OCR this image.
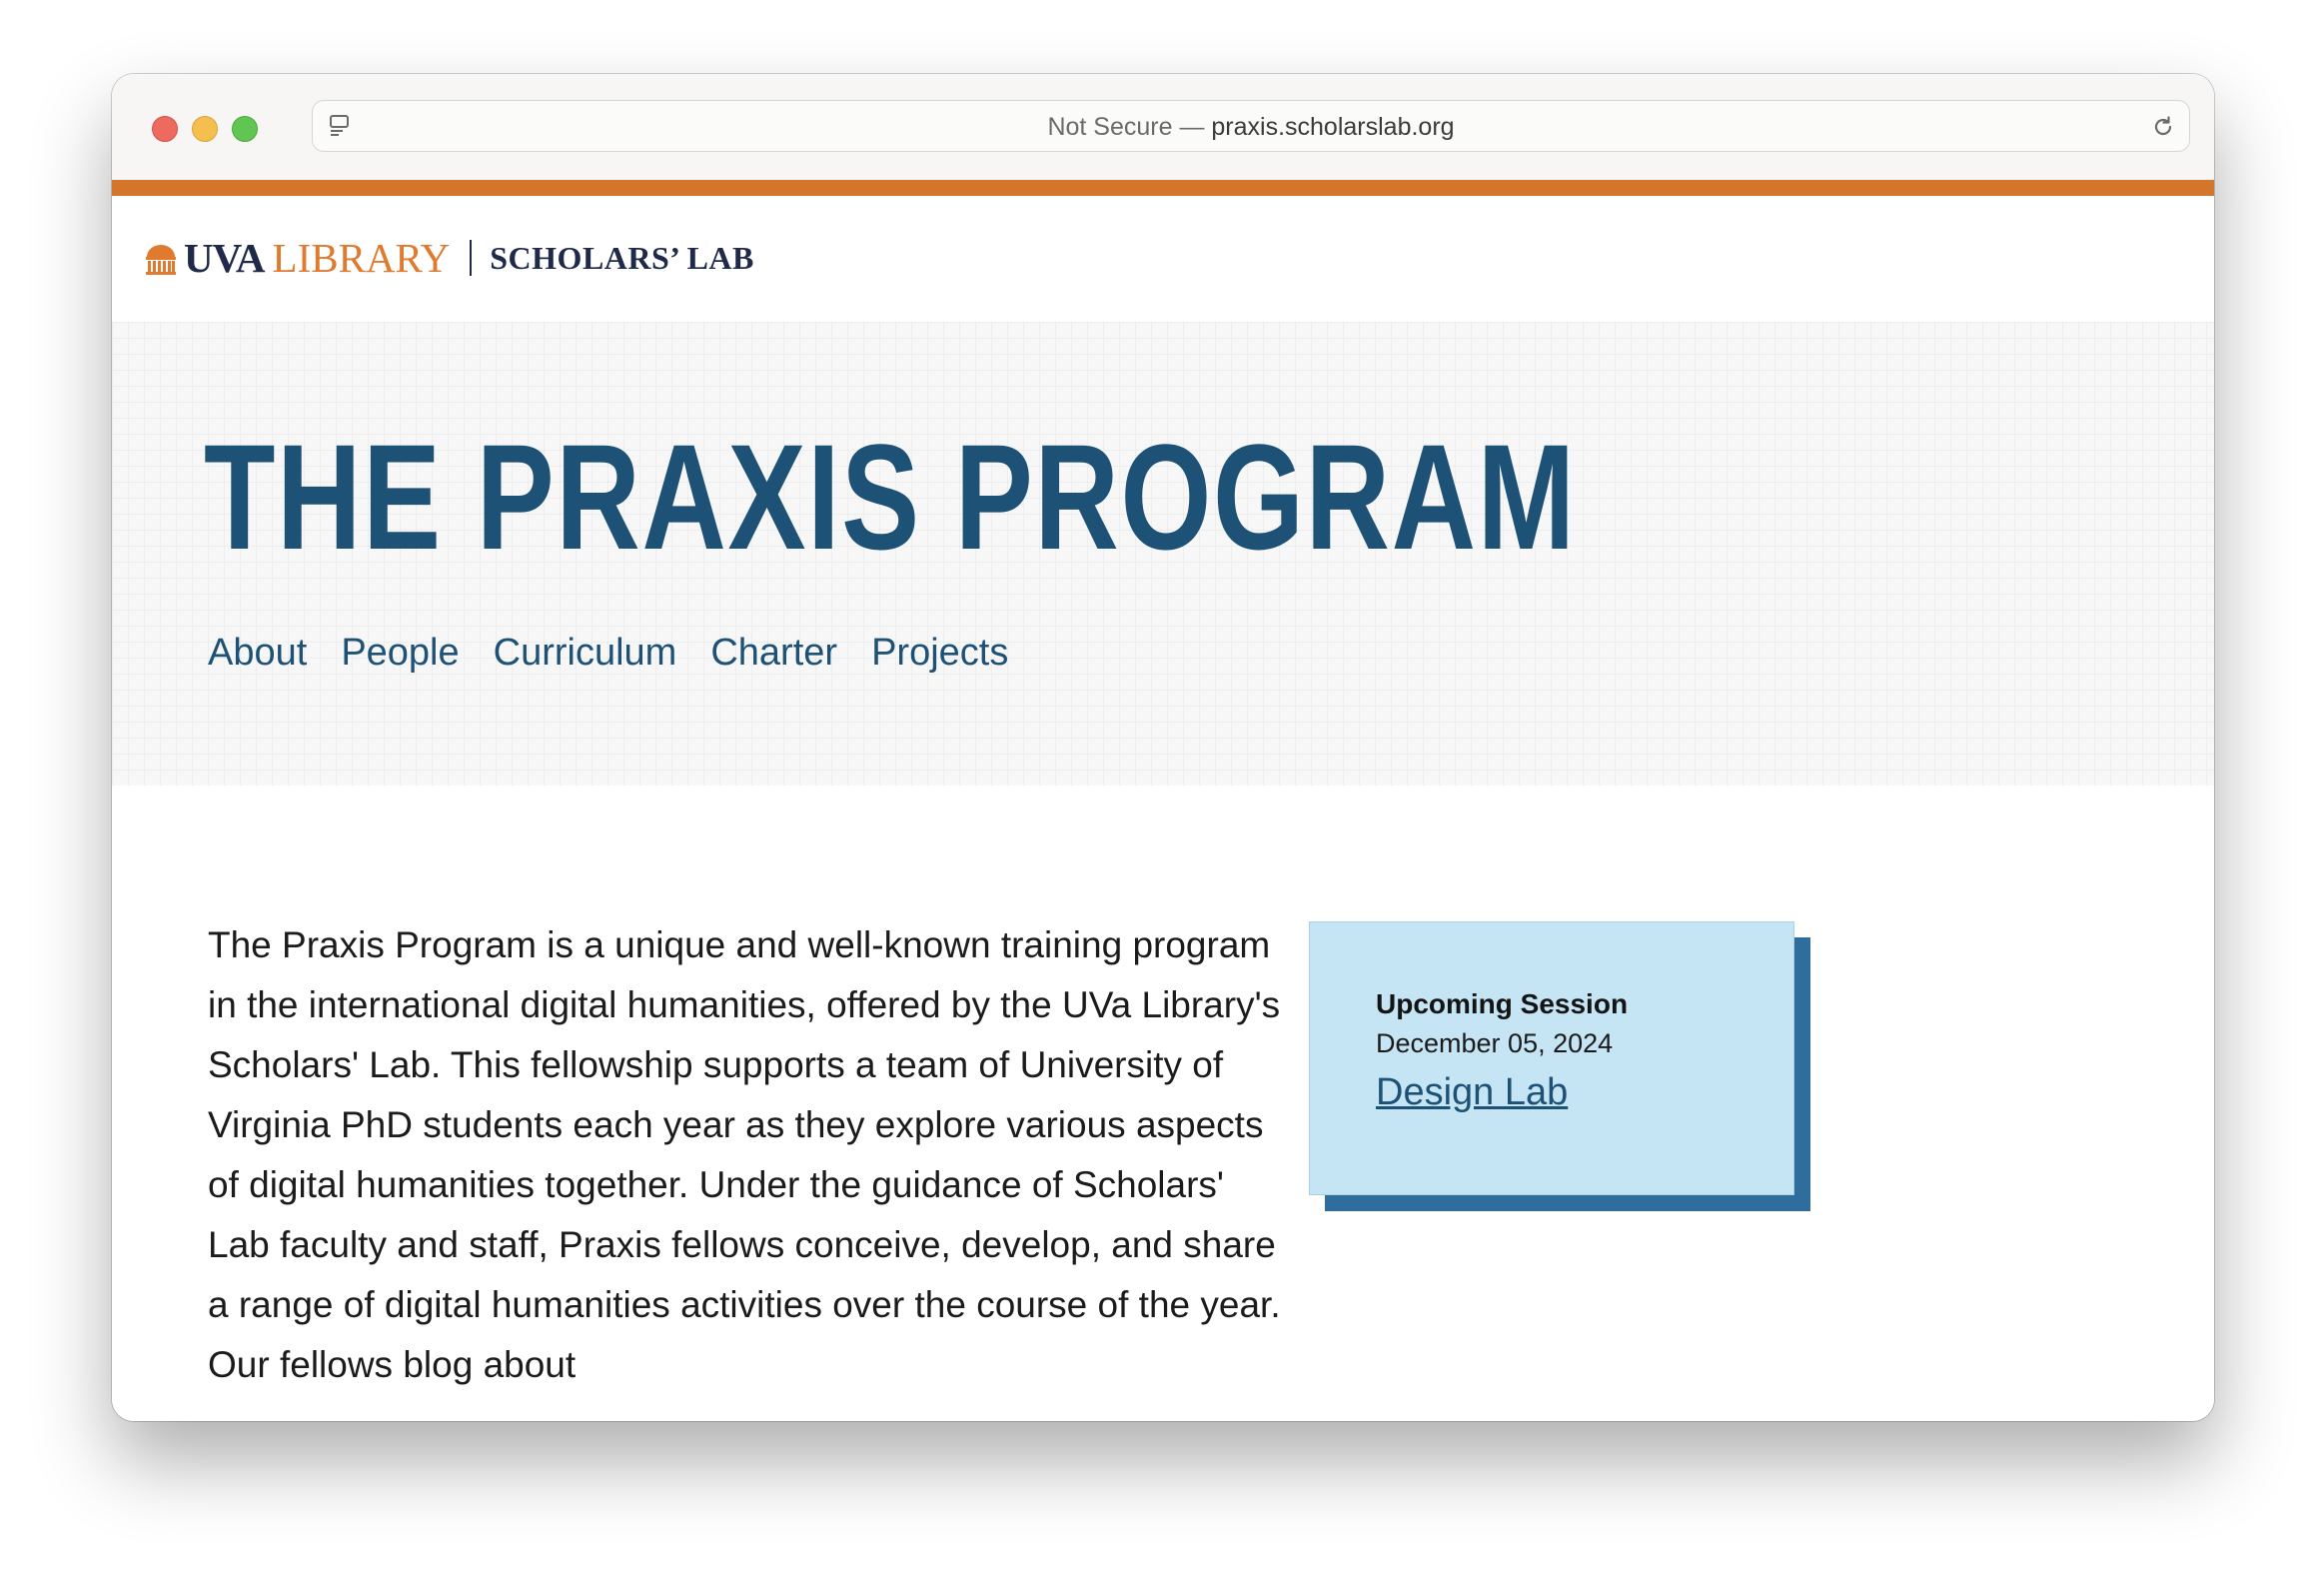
Not Secure — praxis.scholarslab.org
UVA LIBRARY SCHOLARS’ LAB
THE PRAXIS PROGRAM
About People Curriculum Charter Projects

The Praxis Program is a unique and well-known training program in the international digital humanities, offered by the UVa Library's Scholars' Lab. This fellowship supports a team of University of Virginia PhD students each year as they explore various aspects of digital humanities together. Under the guidance of Scholars' Lab faculty and staff, Praxis fellows conceive, develop, and share a range of digital humanities activities over the course of the year. Our fellows blog about

Upcoming Session
December 05, 2024
Design Lab
